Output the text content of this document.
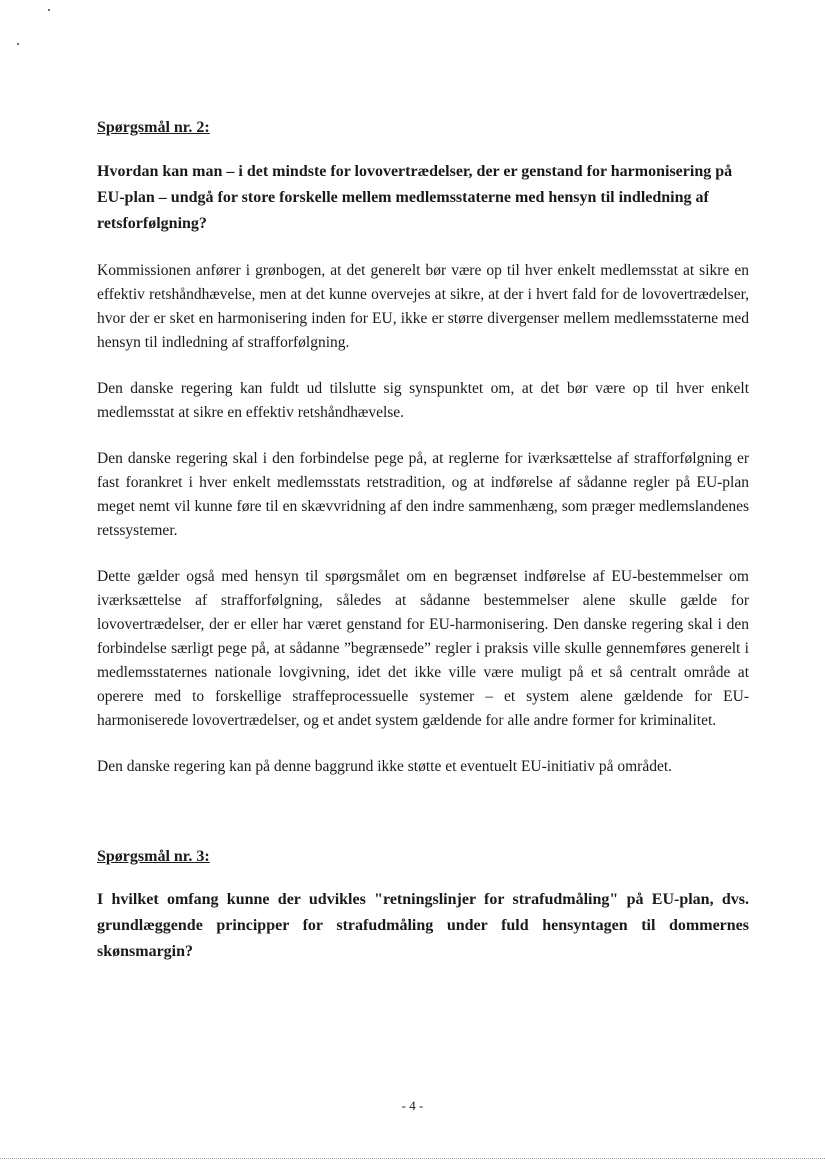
Spørgsmål nr. 2:

Hvordan kan man – i det mindste for lovovertrædelser, der er genstand for harmonisering på EU-plan – undgå for store forskelle mellem medlemsstaterne med hensyn til indledning af retsforfølgning?

Kommissionen anfører i grønbogen, at det generelt bør være op til hver enkelt medlemsstat at sikre en effektiv retshåndhævelse, men at det kunne overvejes at sikre, at der i hvert fald for de lovovertrædelser, hvor der er sket en harmonisering inden for EU, ikke er større divergenser mellem medlemsstaterne med hensyn til indledning af strafforfølgning.

Den danske regering kan fuldt ud tilslutte sig synspunktet om, at det bør være op til hver enkelt medlemsstat at sikre en effektiv retshåndhævelse.

Den danske regering skal i den forbindelse pege på, at reglerne for iværksættelse af strafforfølgning er fast forankret i hver enkelt medlemsstats retstradition, og at indførelse af sådanne regler på EU-plan meget nemt vil kunne føre til en skævvridning af den indre sammenhæng, som præger medlemslandenes retssystemer.

Dette gælder også med hensyn til spørgsmålet om en begrænset indførelse af EU-bestemmelser om iværksættelse af strafforfølgning, således at sådanne bestemmelser alene skulle gælde for lovovertrædelser, der er eller har været genstand for EU-harmonisering. Den danske regering skal i den forbindelse særligt pege på, at sådanne ”begrænsede” regler i praksis ville skulle gennemføres generelt i medlemsstaternes nationale lovgivning, idet det ikke ville være muligt på et så centralt område at operere med to forskellige straffeprocessuelle systemer – et system alene gældende for EU-harmoniserede lovovertrædelser, og et andet system gældende for alle andre former for kriminalitet.

Den danske regering kan på denne baggrund ikke støtte et eventuelt EU-initiativ på området.

Spørgsmål nr. 3:

I hvilket omfang kunne der udvikles "retningslinjer for strafudmåling" på EU-plan, dvs. grundlæggende principper for strafudmåling under fuld hensyntagen til dommernes skønsmargin?

- 4 -
